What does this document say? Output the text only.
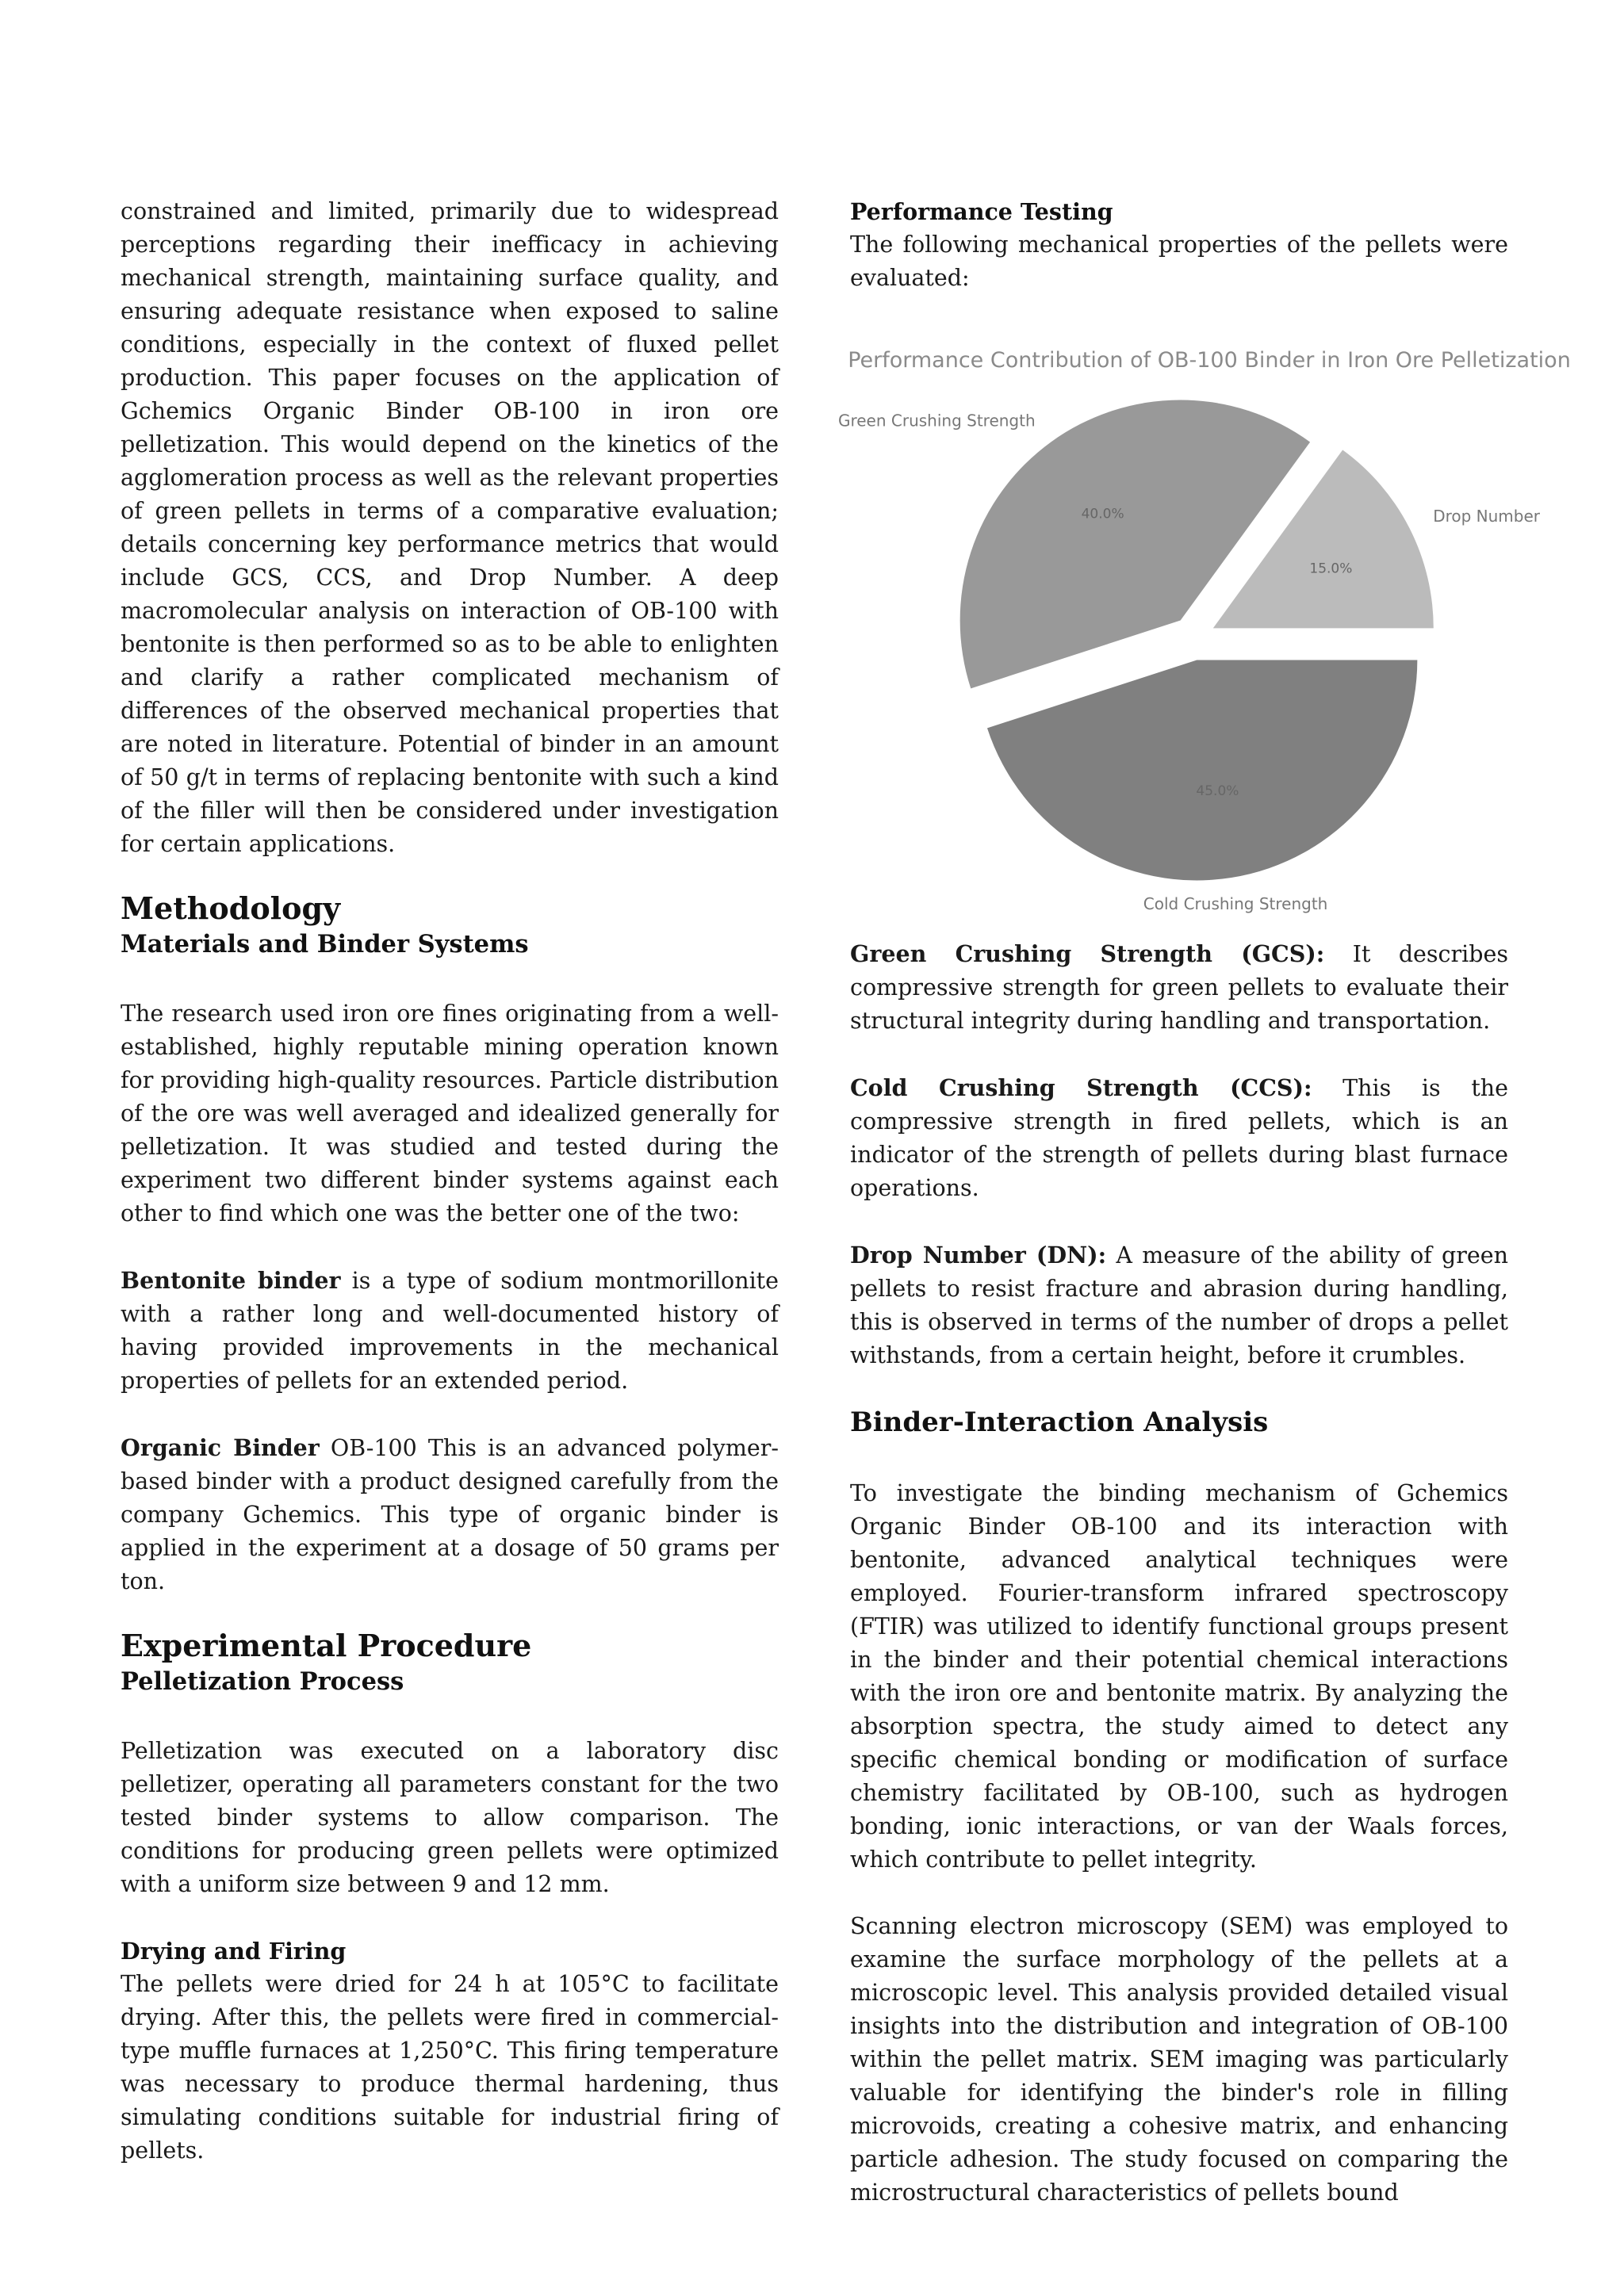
constrained and limited, primarily due to widespread perceptions regarding their inefficacy in achieving mechanical strength, maintaining surface quality, and ensuring adequate resistance when exposed to saline conditions, especially in the context of fluxed pellet production. This paper focuses on the application of Gchemics Organic Binder OB-100 in iron ore pelletization. This would depend on the kinetics of the agglomeration process as well as the relevant properties of green pellets in terms of a comparative evaluation; details concerning key performance metrics that would include GCS, CCS, and Drop Number. A deep macromolecular analysis on interaction of OB-100 with bentonite is then performed so as to be able to enlighten and clarify a rather complicated mechanism of differences of the observed mechanical properties that are noted in literature. Potential of binder in an amount of 50 g/t in terms of replacing bentonite with such a kind of the filler will then be considered under investigation for certain applications.

Methodology
Materials and Binder Systems

The research used iron ore fines originating from a well-established, highly reputable mining operation known for providing high-quality resources. Particle distribution of the ore was well averaged and idealized generally for pelletization. It was studied and tested during the experiment two different binder systems against each other to find which one was the better one of the two:

Bentonite binder is a type of sodium montmorillonite with a rather long and well-documented history of having provided improvements in the mechanical properties of pellets for an extended period.

Organic Binder OB-100 This is an advanced polymer-based binder with a product designed carefully from the company Gchemics. This type of organic binder is applied in the experiment at a dosage of 50 grams per ton.

Experimental Procedure
Pelletization Process

Pelletization was executed on a laboratory disc pelletizer, operating all parameters constant for the two tested binder systems to allow comparison. The conditions for producing green pellets were optimized with a uniform size between 9 and 12 mm.

Drying and Firing

The pellets were dried for 24 h at 105°C to facilitate drying. After this, the pellets were fired in commercial-type muffle furnaces at 1,250°C. This firing temperature was necessary to produce thermal hardening, thus simulating conditions suitable for industrial firing of pellets.

Performance Testing

The following mechanical properties of the pellets were evaluated:

Green Crushing Strength (GCS): It describes compressive strength for green pellets to evaluate their structural integrity during handling and transportation.

Cold Crushing Strength (CCS): This is the compressive strength in fired pellets, which is an indicator of the strength of pellets during blast furnace operations.

Drop Number (DN): A measure of the ability of green pellets to resist fracture and abrasion during handling, this is observed in terms of the number of drops a pellet withstands, from a certain height, before it crumbles.

Binder-Interaction Analysis

To investigate the binding mechanism of Gchemics Organic Binder OB-100 and its interaction with bentonite, advanced analytical techniques were employed. Fourier-transform infrared spectroscopy (FTIR) was utilized to identify functional groups present in the binder and their potential chemical interactions with the iron ore and bentonite matrix. By analyzing the absorption spectra, the study aimed to detect any specific chemical bonding or modification of surface chemistry facilitated by OB-100, such as hydrogen bonding, ionic interactions, or van der Waals forces, which contribute to pellet integrity.

Scanning electron microscopy (SEM) was employed to examine the surface morphology of the pellets at a microscopic level. This analysis provided detailed visual insights into the distribution and integration of OB-100 within the pellet matrix. SEM imaging was particularly valuable for identifying the binder's role in filling microvoids, creating a cohesive matrix, and enhancing particle adhesion. The study focused on comparing the microstructural characteristics of pellets bound

Performance Contribution of OB-100 Binder in Iron Ore Pelletization
45.0%
Cold Crushing Strength
40.0%
Green Crushing Strength
15.0%
Drop Number
